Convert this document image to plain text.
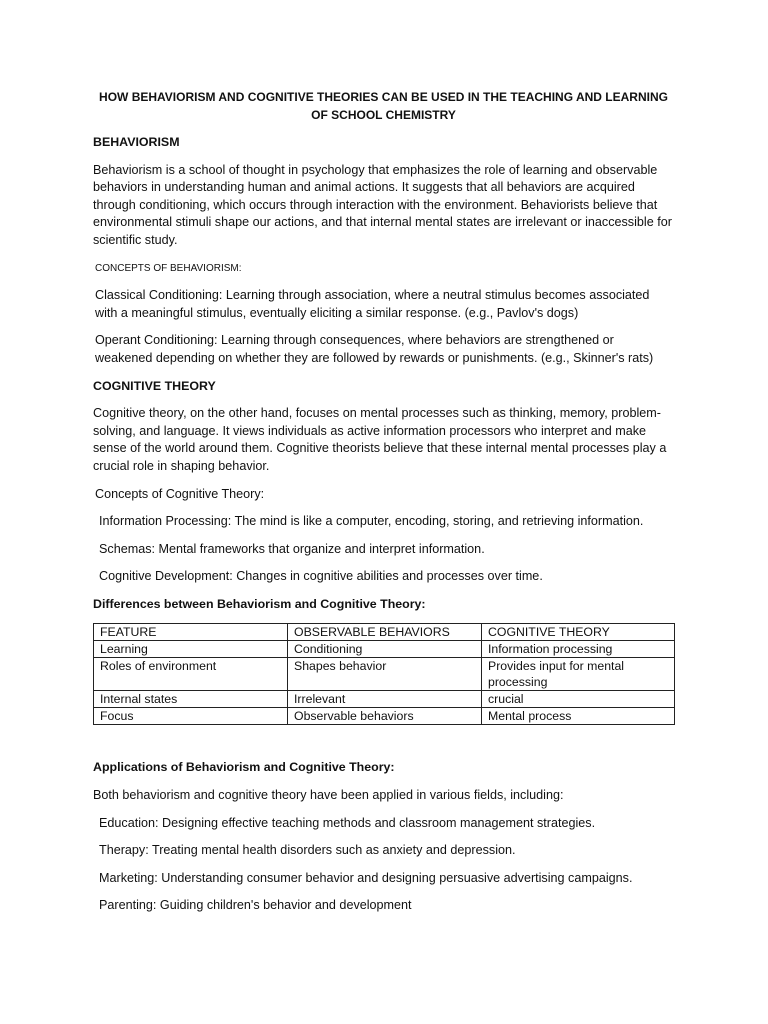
HOW BEHAVIORISM AND COGNITIVE THEORIES CAN BE USED IN THE TEACHING AND LEARNING OF SCHOOL CHEMISTRY
BEHAVIORISM

Behaviorism is a school of thought in psychology that emphasizes the role of learning and observable behaviors in understanding human and animal actions. It suggests that all behaviors are acquired through conditioning, which occurs through interaction with the environment. Behaviorists believe that environmental stimuli shape our actions, and that internal mental states are irrelevant or inaccessible for scientific study.

CONCEPTS OF BEHAVIORISM:

Classical Conditioning: Learning through association, where a neutral stimulus becomes associated with a meaningful stimulus, eventually eliciting a similar response. (e.g., Pavlov's dogs)

Operant Conditioning: Learning through consequences, where behaviors are strengthened or weakened depending on whether they are followed by rewards or punishments. (e.g., Skinner's rats)

COGNITIVE THEORY

Cognitive theory, on the other hand, focuses on mental processes such as thinking, memory, problem-solving, and language. It views individuals as active information processors who interpret and make sense of the world around them. Cognitive theorists believe that these internal mental processes play a crucial role in shaping behavior.

Concepts of Cognitive Theory:

Information Processing: The mind is like a computer, encoding, storing, and retrieving information.

Schemas: Mental frameworks that organize and interpret information.

Cognitive Development: Changes in cognitive abilities and processes over time.

Differences between Behaviorism and Cognitive Theory:
FEATURE	OBSERVABLE BEHAVIORS	COGNITIVE THEORY
Learning	Conditioning	Information processing
Roles of environment	Shapes behavior	Provides input for mental processing
Internal states	Irrelevant	crucial
Focus	Observable behaviors	Mental process
Applications of Behaviorism and Cognitive Theory:

Both behaviorism and cognitive theory have been applied in various fields, including:

Education: Designing effective teaching methods and classroom management strategies.

Therapy: Treating mental health disorders such as anxiety and depression.

Marketing: Understanding consumer behavior and designing persuasive advertising campaigns.

Parenting: Guiding children's behavior and development
